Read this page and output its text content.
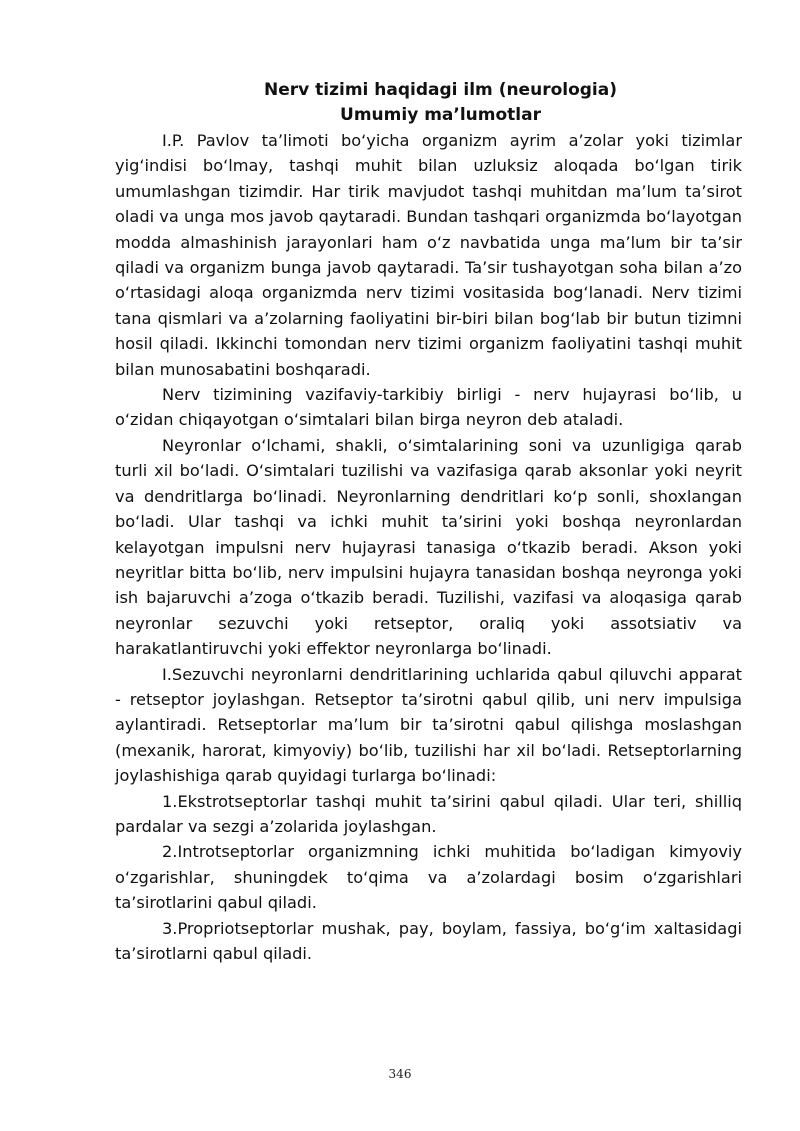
Nerv tizimi haqidagi ilm (neurologia)
Umumiy ma’lumotlar

I.P. Pavlov ta’limoti bo‘yicha organizm ayrim a’zolar yoki tizimlar yig‘indisi bo‘lmay, tashqi muhit bilan uzluksiz aloqada bo‘lgan tirik umumlashgan tizimdir. Har tirik mavjudot tashqi muhitdan ma’lum ta’sirot oladi va unga mos javob qaytaradi. Bundan tashqari organizmda bo‘layotgan modda almashinish jarayonlari ham o‘z navbatida unga ma’lum bir ta’sir qiladi va organizm bunga javob qaytaradi. Ta’sir tushayotgan soha bilan a’zo o‘rtasidagi aloqa organizmda nerv tizimi vositasida bog‘lanadi. Nerv tizimi tana qismlari va a’zolarning faoliyatini bir-biri bilan bog‘lab bir butun tizimni hosil qiladi. Ikkinchi tomondan nerv tizimi organizm faoliyatini tashqi muhit bilan munosabatini boshqaradi.

Nerv tizimining vazifaviy-tarkibiy birligi - nerv hujayrasi bo‘lib, u o‘zidan chiqayotgan o‘simtalari bilan birga neyron deb ataladi.

Neyronlar o‘lchami, shakli, o‘simtalarining soni va uzunligiga qarab turli xil bo‘ladi. O‘simtalari tuzilishi va vazifasiga qarab aksonlar yoki neyrit va dendritlarga bo‘linadi. Neyronlarning dendritlari ko‘p sonli, shoxlangan bo‘ladi. Ular tashqi va ichki muhit ta’sirini yoki boshqa neyronlardan kelayotgan impulsni nerv hujayrasi tanasiga o‘tkazib beradi. Akson yoki neyritlar bitta bo‘lib, nerv impulsini hujayra tanasidan boshqa neyronga yoki ish bajaruvchi a’zoga o‘tkazib beradi. Tuzilishi, vazifasi va aloqasiga qarab neyronlar sezuvchi yoki retseptor, oraliq yoki assotsiativ va harakatlantiruvchi yoki effektor neyronlarga bo‘linadi.

I.Sezuvchi neyronlarni dendritlarining uchlarida qabul qiluvchi apparat - retseptor joylashgan. Retseptor ta’sirotni qabul qilib, uni nerv impulsiga aylantiradi. Retseptorlar ma’lum bir ta’sirotni qabul qilishga moslashgan (mexanik, harorat, kimyoviy) bo‘lib, tuzilishi har xil bo‘ladi. Retseptorlarning joylashishiga qarab quyidagi turlarga bo‘linadi:

1.Ekstrotseptorlar tashqi muhit ta’sirini qabul qiladi. Ular teri, shilliq pardalar va sezgi a’zolarida joylashgan.

2.Introtseptorlar organizmning ichki muhitida bo‘ladigan kimyoviy o‘zgarishlar, shuningdek to‘qima va a’zolardagi bosim o‘zgarishlari ta’sirotlarini qabul qiladi.

3.Propriotseptorlar mushak, pay, boylam, fassiya, bo‘g‘im xaltasidagi ta’sirotlarni qabul qiladi.

346
